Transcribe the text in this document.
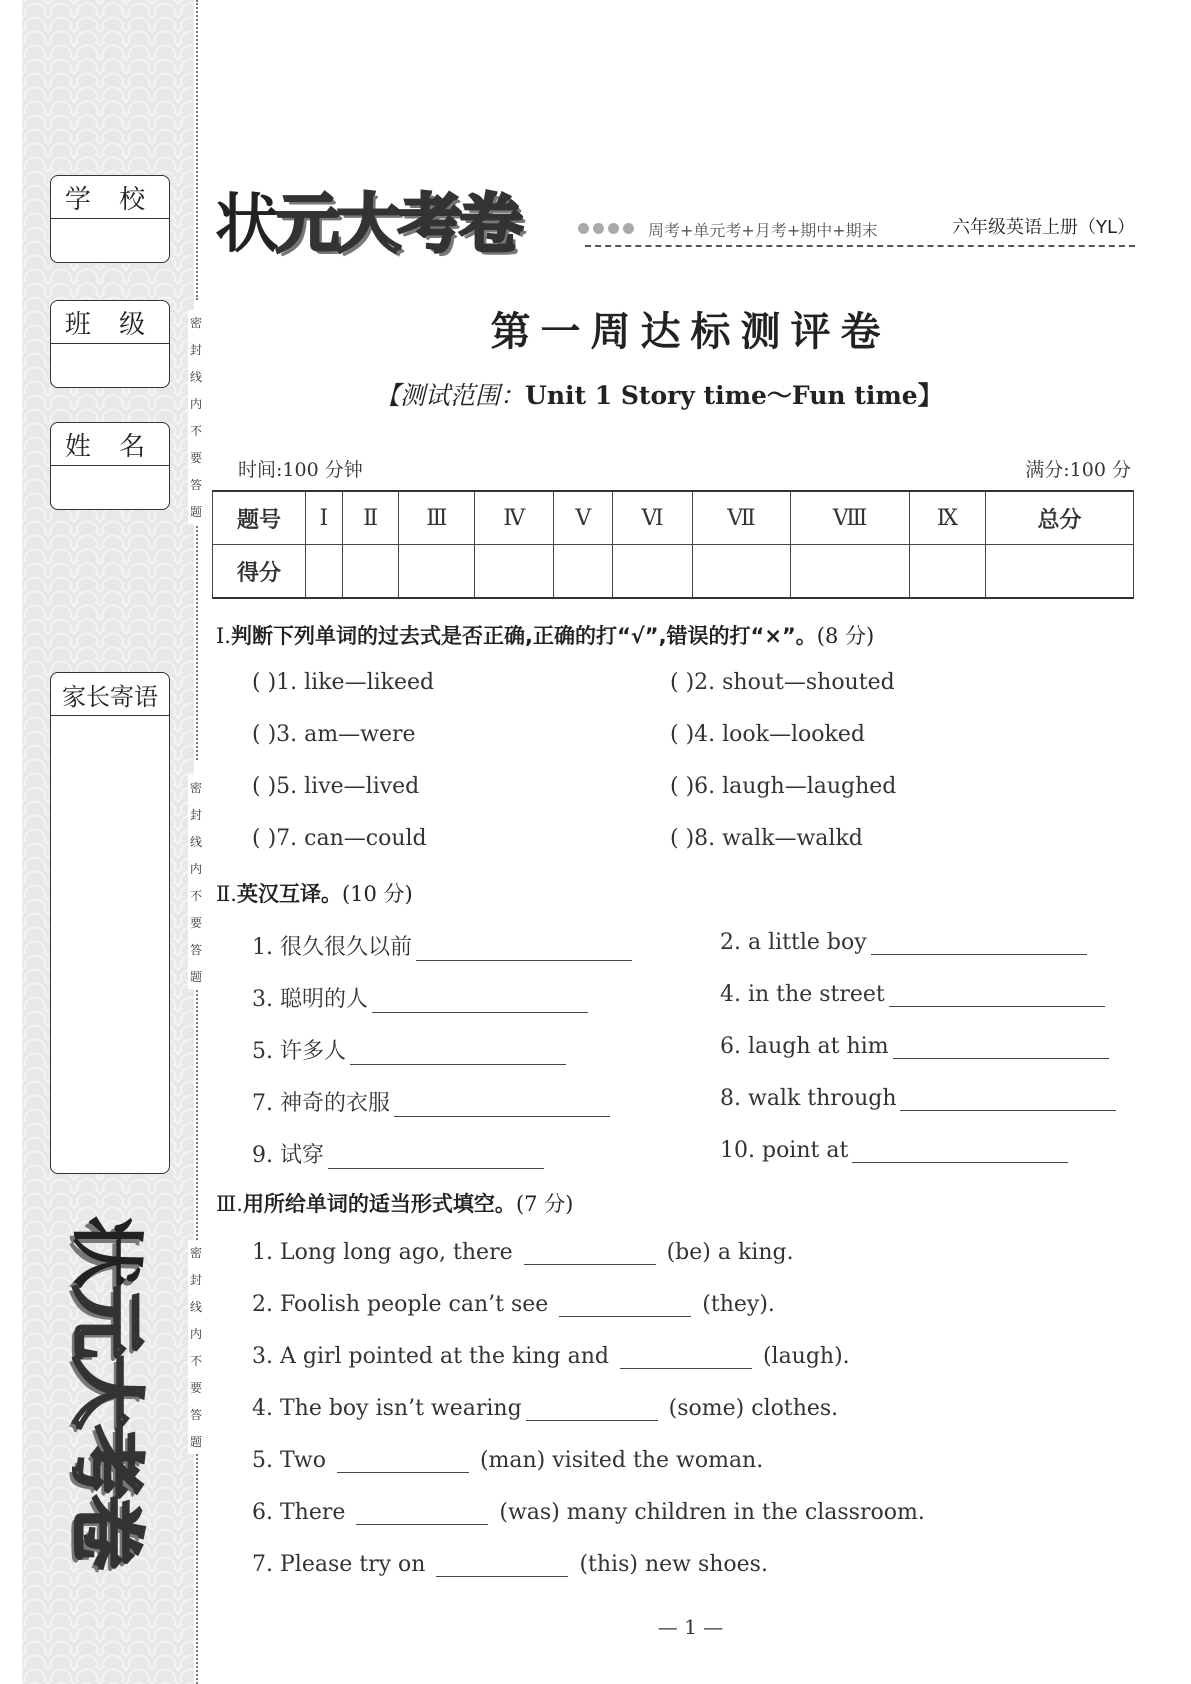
学 校
班 级
姓 名
家长寄语
密
封
线
内
不
要
答
题
密
封
线
内
不
要
答
题
密
封
线
内
不
要
答
题
状元大考卷
状元大考卷	周考+单元考+月考+期中+期末	六年级英语上册（YL）
第一周达标测评卷
【测试范围：Unit 1 Story time～Fun time】
时间:100 分钟	满分:100 分
题号	Ⅰ	Ⅱ	Ⅲ	Ⅳ	Ⅴ	Ⅵ	Ⅶ	Ⅷ	Ⅸ	总分
得分										
Ⅰ.判断下列单词的过去式是否正确,正确的打“√”,错误的打“×”。(8 分)
( )1. like—likeed	( )2. shout—shouted
( )3. am—were	( )4. look—looked
( )5. live—lived	( )6. laugh—laughed
( )7. can—could	( )8. walk—walkd
Ⅱ.英汉互译。(10 分)
1. 很久很久以前	2. a little boy
3. 聪明的人	4. in the street
5. 许多人	6. laugh at him
7. 神奇的衣服	8. walk through
9. 试穿	10. point at
Ⅲ.用所给单词的适当形式填空。(7 分)
1. Long long ago, there	(be) a king.
2. Foolish people can’t see	(they).
3. A girl pointed at the king and	(laugh).
4. The boy isn’t wearing	(some) clothes.
5. Two	(man) visited the woman.
6. There	(was) many children in the classroom.
7. Please try on	(this) new shoes.
— 1 —
